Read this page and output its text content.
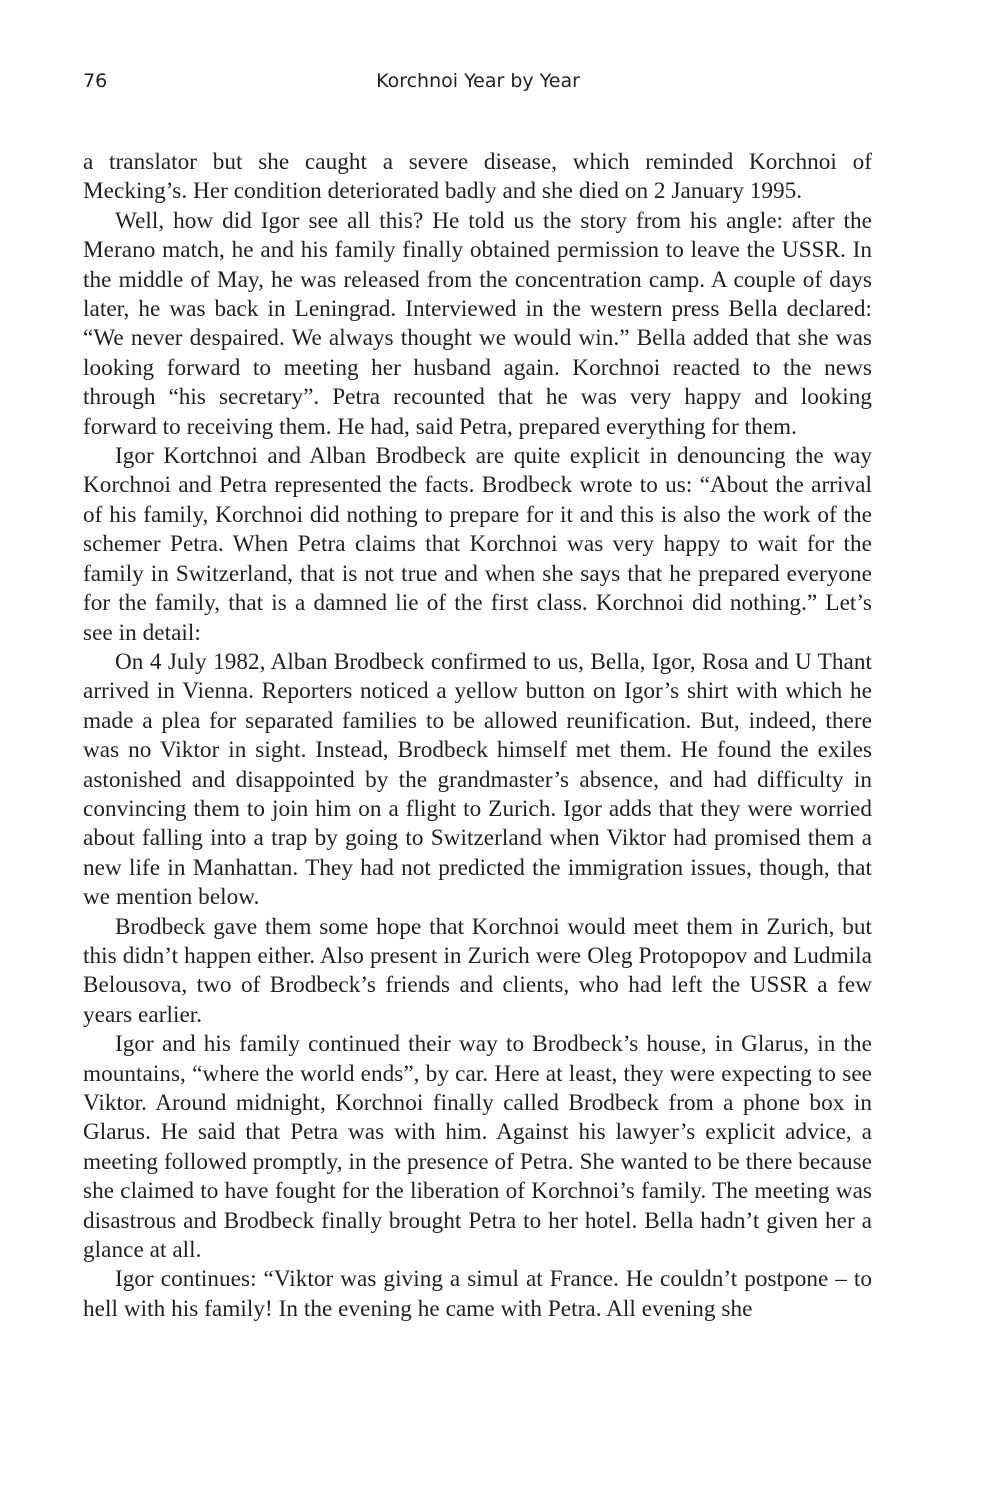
76	Korchnoi Year by Year

a translator but she caught a severe disease, which reminded Korchnoi of Mecking’s. Her condition deteriorated badly and she died on 2 January 1995.

Well, how did Igor see all this? He told us the story from his angle: after the Merano match, he and his family finally obtained permission to leave the USSR. In the middle of May, he was released from the concentration camp. A couple of days later, he was back in Leningrad. Interviewed in the western press Bella declared: “We never despaired. We always thought we would win.” Bella added that she was looking forward to meeting her husband again. Korchnoi reacted to the news through “his secretary”. Petra recounted that he was very happy and looking forward to receiving them. He had, said Petra, prepared everything for them.

Igor Kortchnoi and Alban Brodbeck are quite explicit in denouncing the way Korchnoi and Petra represented the facts. Brodbeck wrote to us: “About the arrival of his family, Korchnoi did nothing to prepare for it and this is also the work of the schemer Petra. When Petra claims that Korchnoi was very happy to wait for the family in Switzerland, that is not true and when she says that he prepared everyone for the family, that is a damned lie of the first class. Korchnoi did nothing.” Let’s see in detail:

On 4 July 1982, Alban Brodbeck confirmed to us, Bella, Igor, Rosa and U Thant arrived in Vienna. Reporters noticed a yellow button on Igor’s shirt with which he made a plea for separated families to be allowed reunification. But, indeed, there was no Viktor in sight. Instead, Brodbeck himself met them. He found the exiles astonished and disappointed by the grandmaster’s absence, and had difficulty in convincing them to join him on a flight to Zurich. Igor adds that they were worried about falling into a trap by going to Switzerland when Viktor had promised them a new life in Manhattan. They had not predicted the immigration issues, though, that we mention below.

Brodbeck gave them some hope that Korchnoi would meet them in Zurich, but this didn’t happen either. Also present in Zurich were Oleg Protopopov and Ludmila Belousova, two of Brodbeck’s friends and clients, who had left the USSR a few years earlier.

Igor and his family continued their way to Brodbeck’s house, in Glarus, in the mountains, “where the world ends”, by car. Here at least, they were expecting to see Viktor. Around midnight, Korchnoi finally called Brodbeck from a phone box in Glarus. He said that Petra was with him. Against his lawyer’s explicit advice, a meeting followed promptly, in the presence of Petra. She wanted to be there because she claimed to have fought for the liberation of Korchnoi’s family. The meeting was disastrous and Brodbeck finally brought Petra to her hotel. Bella hadn’t given her a glance at all.

Igor continues: “Viktor was giving a simul at France. He couldn’t postpone – to hell with his family! In the evening he came with Petra. All evening she
